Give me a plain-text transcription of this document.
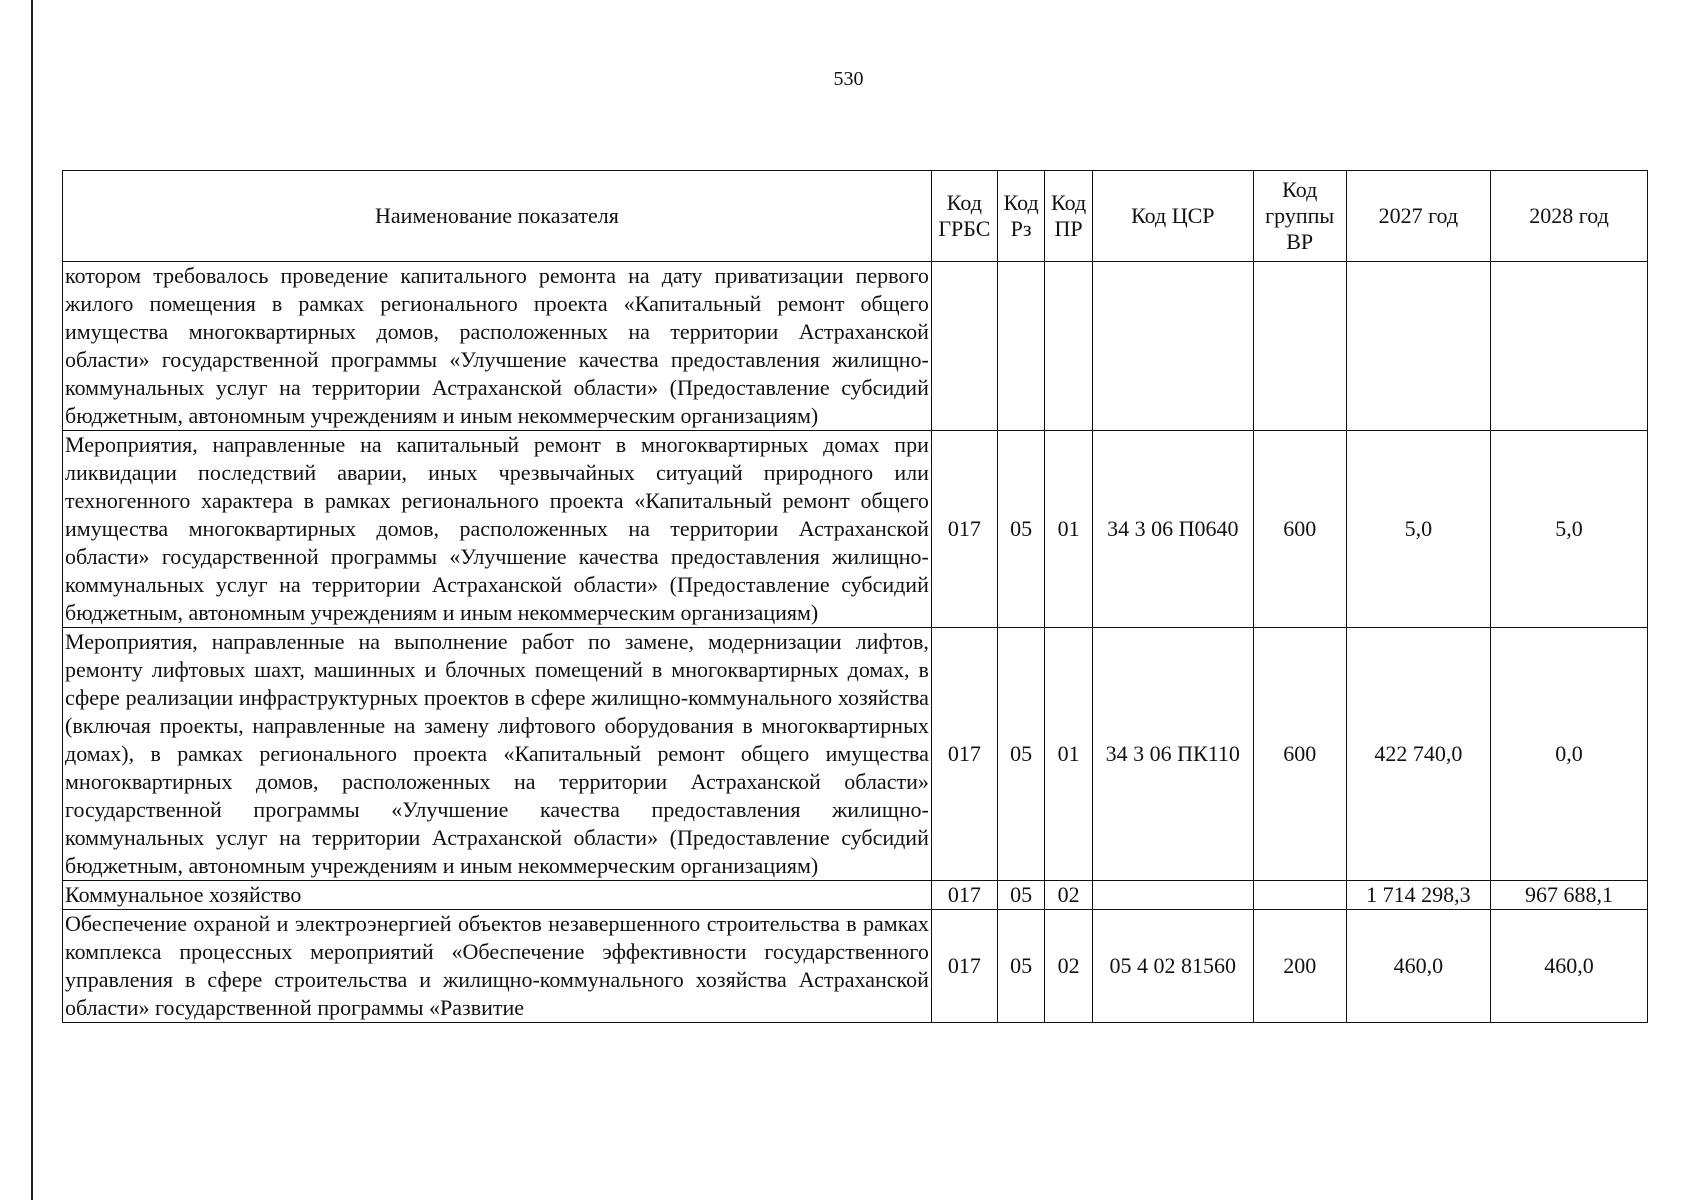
530
Наименование показателя	Код ГРБС	Код Рз	Код ПР	Код ЦСР	Код группы ВР	2027 год	2028 год
котором требовалось проведение капитального ремонта на дату приватизации первого жилого помещения в рамках регионального проекта «Капитальный ремонт общего имущества многоквартирных домов, расположенных на территории Астраханской области» государственной программы «Улучшение качества предоставления жилищно-коммунальных услуг на территории Астраханской области» (Предоставление субсидий бюджетным, автономным учреждениям и иным некоммерческим организациям)							
Мероприятия, направленные на капитальный ремонт в многоквартирных домах при ликвидации последствий аварии, иных чрезвычайных ситуаций природного или техногенного характера в рамках регионального проекта «Капитальный ремонт общего имущества многоквартирных домов, расположенных на территории Астраханской области» государственной программы «Улучшение качества предоставления жилищно-коммунальных услуг на территории Астраханской области» (Предоставление субсидий бюджетным, автономным учреждениям и иным некоммерческим организациям)	017	05	01	34 3 06 П0640	600	5,0	5,0
Мероприятия, направленные на выполнение работ по замене, модернизации лифтов, ремонту лифтовых шахт, машинных и блочных помещений в многоквартирных домах, в сфере реализации инфраструктурных проектов в сфере жилищно-коммунального хозяйства (включая проекты, направленные на замену лифтового оборудования в многоквартирных домах), в рамках регионального проекта «Капитальный ремонт общего имущества многоквартирных домов, расположенных на территории Астраханской области» государственной программы «Улучшение качества предоставления жилищно-коммунальных услуг на территории Астраханской области» (Предоставление субсидий бюджетным, автономным учреждениям и иным некоммерческим организациям)	017	05	01	34 3 06 ПК110	600	422 740,0	0,0
Коммунальное хозяйство	017	05	02			1 714 298,3	967 688,1
Обеспечение охраной и электроэнергией объектов незавершенного строительства в рамках комплекса процессных мероприятий «Обеспечение эффективности государственного управления в сфере строительства и жилищно-коммунального хозяйства Астраханской области» государственной программы «Развитие	017	05	02	05 4 02 81560	200	460,0	460,0
